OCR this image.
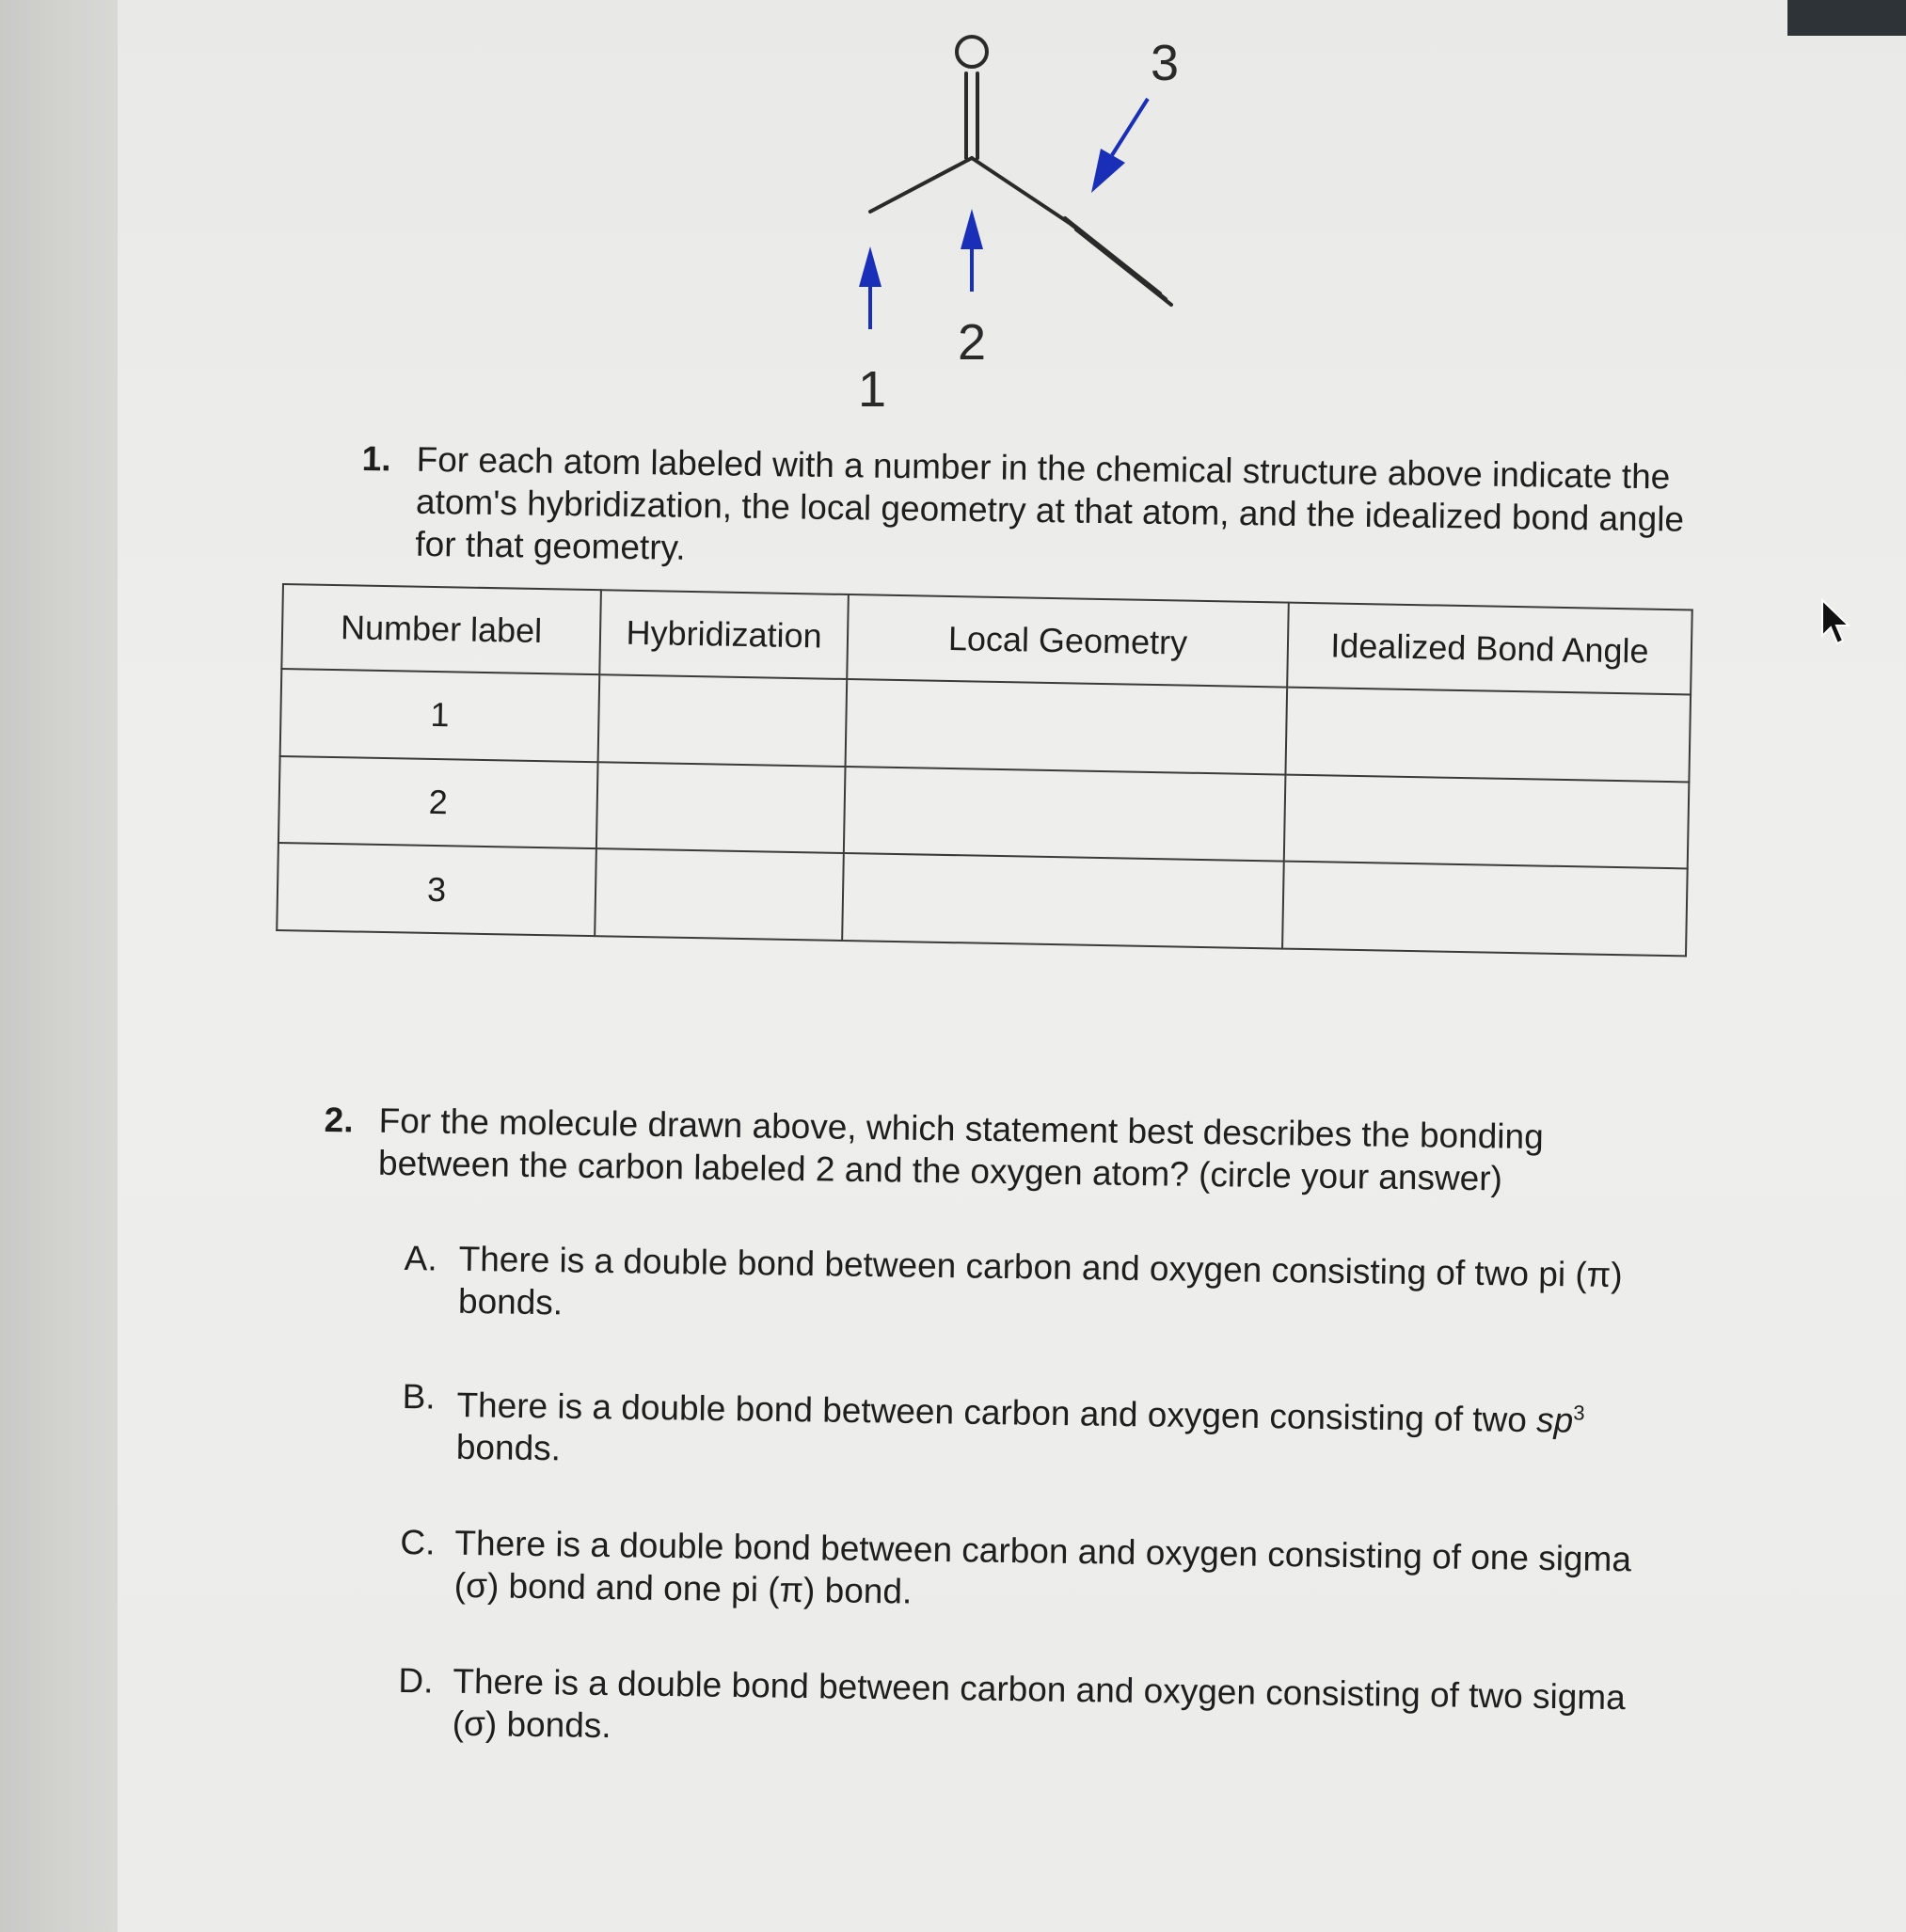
1
2
3
1. For each atom labeled with a number in the chemical structure above indicate the atom's hybridization, the local geometry at that atom, and the idealized bond angle for that geometry.
Number label	Hybridization	Local Geometry	Idealized Bond Angle
1			
2			
3			
2. For the molecule drawn above, which statement best describes the bonding between the carbon labeled 2 and the oxygen atom? (circle your answer)
A. There is a double bond between carbon and oxygen consisting of two pi (π) bonds.
B. There is a double bond between carbon and oxygen consisting of two $sp^3$ bonds.
C. There is a double bond between carbon and oxygen consisting of one sigma (σ) bond and one pi (π) bond.
D. There is a double bond between carbon and oxygen consisting of two sigma (σ) bonds.
